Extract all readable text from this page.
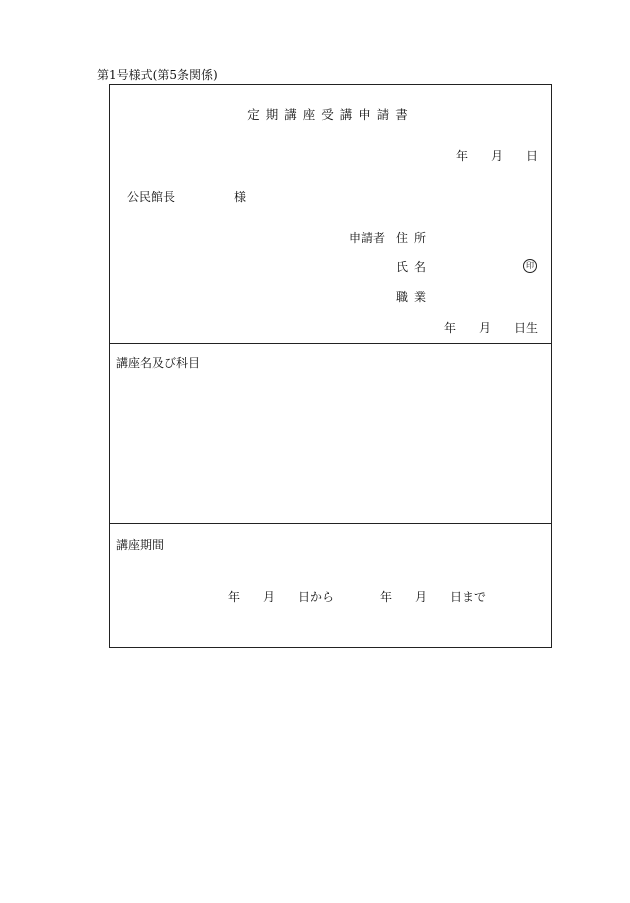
第1号様式(第5条関係)
定期講座受講申請書
年 月 日
公民館長	様
申請者 住所
氏名	印
職業
年 月 日生
講座名及び科目
講座期間
年 月 日から	年 月 日まで
